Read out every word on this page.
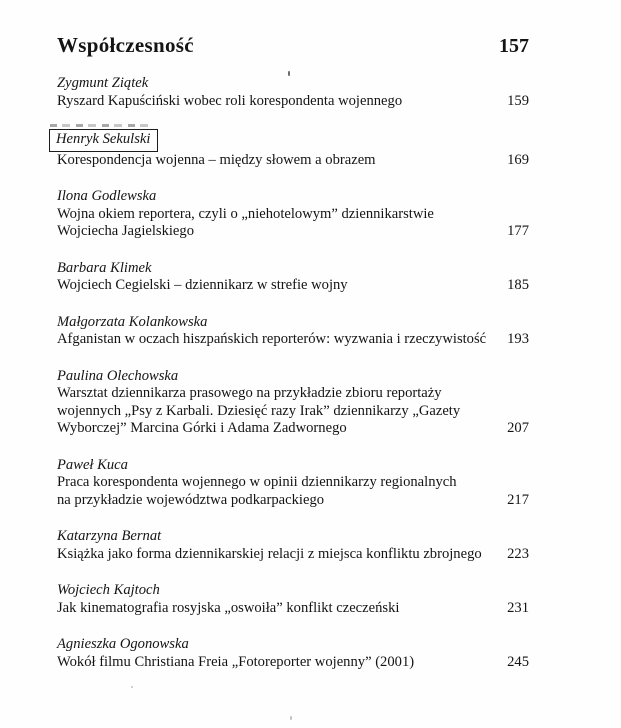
Współczesność	157
Zygmunt Ziątek
Ryszard Kapuściński wobec roli korespondenta wojennego	159
Henryk Sekulski
Korespondencja wojenna – między słowem a obrazem	169
Ilona Godlewska
Wojna okiem reportera, czyli o „niehotelowym” dziennikarstwie
Wojciecha Jagielskiego	177
Barbara Klimek
Wojciech Cegielski – dziennikarz w strefie wojny	185
Małgorzata Kolankowska
Afganistan w oczach hiszpańskich reporterów: wyzwania i rzeczywistość	193
Paulina Olechowska
Warsztat dziennikarza prasowego na przykładzie zbioru reportaży
wojennych „Psy z Karbali. Dziesięć razy Irak” dziennikarzy „Gazety
Wyborczej” Marcina Górki i Adama Zadwornego	207
Paweł Kuca
Praca korespondenta wojennego w opinii dziennikarzy regionalnych
na przykładzie województwa podkarpackiego	217
Katarzyna Bernat
Książka jako forma dziennikarskiej relacji z miejsca konfliktu zbrojnego	223
Wojciech Kajtoch
Jak kinematografia rosyjska „oswoiła” konflikt czeczeński	231
Agnieszka Ogonowska
Wokół filmu Christiana Freia „Fotoreporter wojenny” (2001)	245
